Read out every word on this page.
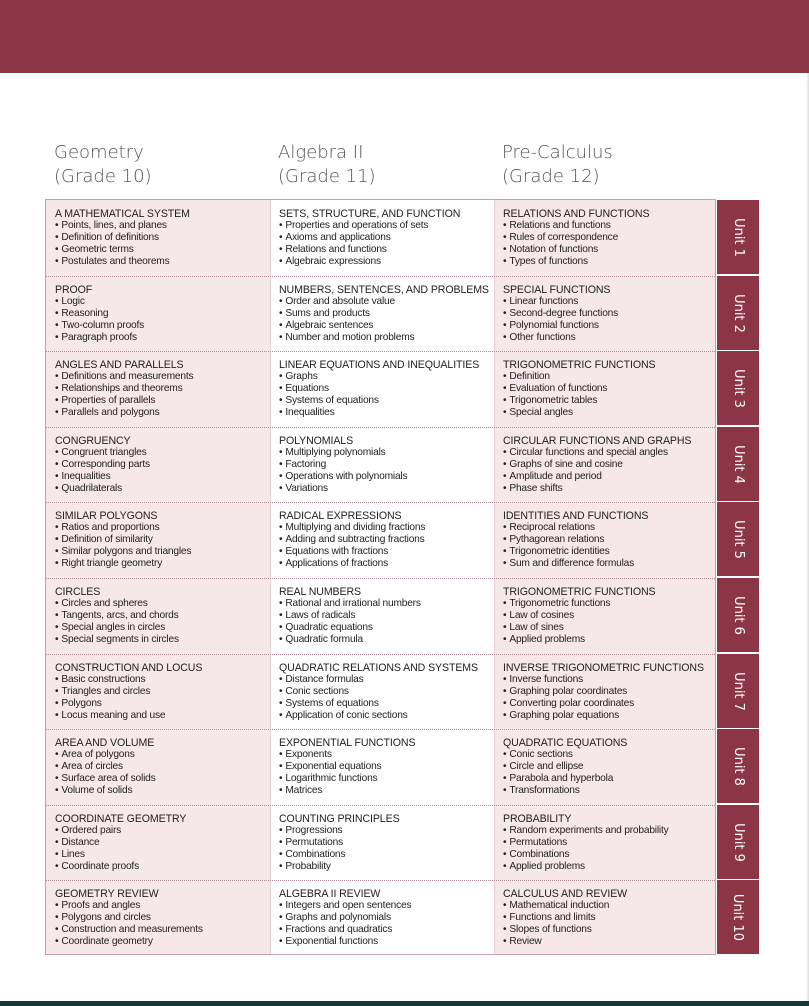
Geometry
(Grade 10)
Algebra II
(Grade 11)
Pre-Calculus
(Grade 12)
A MATHEMATICAL SYSTEM
• Points, lines, and planes
• Definition of definitions
• Geometric terms
• Postulates and theorems
SETS, STRUCTURE, AND FUNCTION
• Properties and operations of sets
• Axioms and applications
• Relations and functions
• Algebraic expressions
RELATIONS AND FUNCTIONS
• Relations and functions
• Rules of correspondence
• Notation of functions
• Types of functions
PROOF
• Logic
• Reasoning
• Two-column proofs
• Paragraph proofs
NUMBERS, SENTENCES, AND PROBLEMS
• Order and absolute value
• Sums and products
• Algebraic sentences
• Number and motion problems
SPECIAL FUNCTIONS
• Linear functions
• Second-degree functions
• Polynomial functions
• Other functions
ANGLES AND PARALLELS
• Definitions and measurements
• Relationships and theorems
• Properties of parallels
• Parallels and polygons
LINEAR EQUATIONS AND INEQUALITIES
• Graphs
• Equations
• Systems of equations
• Inequalities
TRIGONOMETRIC FUNCTIONS
• Definition
• Evaluation of functions
• Trigonometric tables
• Special angles
CONGRUENCY
• Congruent triangles
• Corresponding parts
• Inequalities
• Quadrilaterals
POLYNOMIALS
• Multiplying polynomials
• Factoring
• Operations with polynomials
• Variations
CIRCULAR FUNCTIONS AND GRAPHS
• Circular functions and special angles
• Graphs of sine and cosine
• Amplitude and period
• Phase shifts
SIMILAR POLYGONS
• Ratios and proportions
• Definition of similarity
• Similar polygons and triangles
• Right triangle geometry
RADICAL EXPRESSIONS
• Multiplying and dividing fractions
• Adding and subtracting fractions
• Equations with fractions
• Applications of fractions
IDENTITIES AND FUNCTIONS
• Reciprocal relations
• Pythagorean relations
• Trigonometric identities
• Sum and difference formulas
CIRCLES
• Circles and spheres
• Tangents, arcs, and chords
• Special angles in circles
• Special segments in circles
REAL NUMBERS
• Rational and irrational numbers
• Laws of radicals
• Quadratic equations
• Quadratic formula
TRIGONOMETRIC FUNCTIONS
• Trigonometric functions
• Law of cosines
• Law of sines
• Applied problems
CONSTRUCTION AND LOCUS
• Basic constructions
• Triangles and circles
• Polygons
• Locus meaning and use
QUADRATIC RELATIONS AND SYSTEMS
• Distance formulas
• Conic sections
• Systems of equations
• Application of conic sections
INVERSE TRIGONOMETRIC FUNCTIONS
• Inverse functions
• Graphing polar coordinates
• Converting polar coordinates
• Graphing polar equations
AREA AND VOLUME
• Area of polygons
• Area of circles
• Surface area of solids
• Volume of solids
EXPONENTIAL FUNCTIONS
• Exponents
• Exponential equations
• Logarithmic functions
• Matrices
QUADRATIC EQUATIONS
• Conic sections
• Circle and ellipse
• Parabola and hyperbola
• Transformations
COORDINATE GEOMETRY
• Ordered pairs
• Distance
• Lines
• Coordinate proofs
COUNTING PRINCIPLES
• Progressions
• Permutations
• Combinations
• Probability
PROBABILITY
• Random experiments and probability
• Permutations
• Combinations
• Applied problems
GEOMETRY REVIEW
• Proofs and angles
• Polygons and circles
• Construction and measurements
• Coordinate geometry
ALGEBRA II REVIEW
• Integers and open sentences
• Graphs and polynomials
• Fractions and quadratics
• Exponential functions
CALCULUS AND REVIEW
• Mathematical induction
• Functions and limits
• Slopes of functions
• Review
Unit 1
Unit 2
Unit 3
Unit 4
Unit 5
Unit 6
Unit 7
Unit 8
Unit 9
Unit 10
